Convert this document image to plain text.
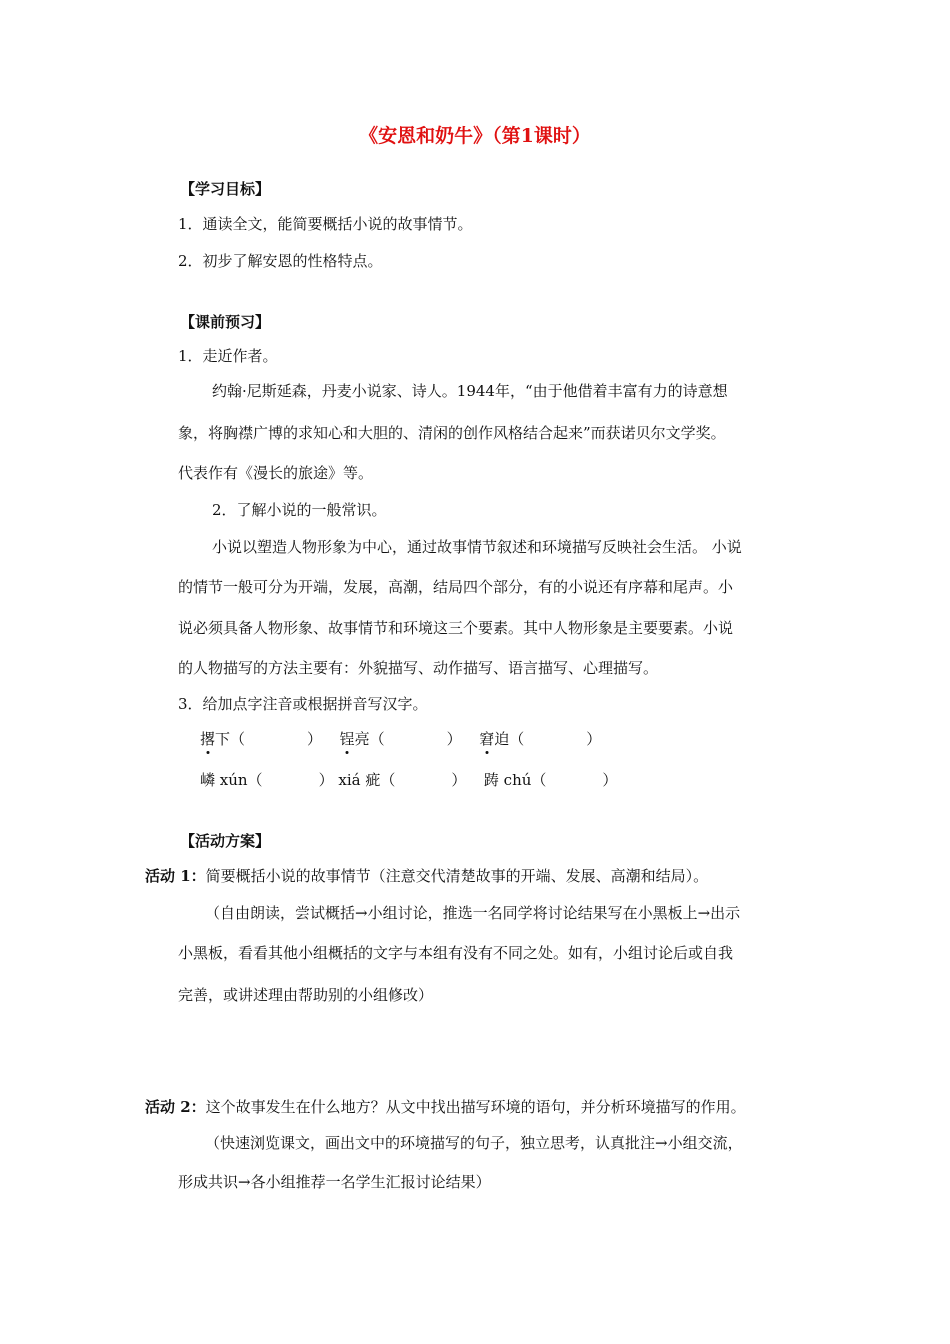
《安恩和奶牛》（第1课时）
【学习目标】
1．通读全文，能简要概括小说的故事情节。
2．初步了解安恩的性格特点。
【课前预习】
1．走近作者。
约翰·尼斯延森，丹麦小说家、诗人。1944年，“由于他借着丰富有力的诗意想
象，将胸襟广博的求知心和大胆的、清闲的创作风格结合起来”而获诺贝尔文学奖。
代表作有《漫长的旅途》等。
2．了解小说的一般常识。
小说以塑造人物形象为中心，通过故事情节叙述和环境描写反映社会生活。 小说
的情节一般可分为开端，发展，高潮，结局四个部分，有的小说还有序幕和尾声。小
说必须具备人物形象、故事情节和环境这三个要素。其中人物形象是主要要素。小说
的人物描写的方法主要有：外貌描写、动作描写、语言描写、心理描写。
3．给加点字注音或根据拼音写汉字。
撂下（	） 锃亮（	） 窘迫（	）
嶙 xún（	） xiá 疵（	） 踌 chú（	）
【活动方案】
活动 1：简要概括小说的故事情节（注意交代清楚故事的开端、发展、高潮和结局）。
（自由朗读，尝试概括→小组讨论，推选一名同学将讨论结果写在小黑板上→出示
小黑板，看看其他小组概括的文字与本组有没有不同之处。如有，小组讨论后或自我
完善，或讲述理由帮助别的小组修改）
活动 2：这个故事发生在什么地方？从文中找出描写环境的语句，并分析环境描写的作用。
（快速浏览课文，画出文中的环境描写的句子，独立思考，认真批注→小组交流，
形成共识→各小组推荐一名学生汇报讨论结果）
